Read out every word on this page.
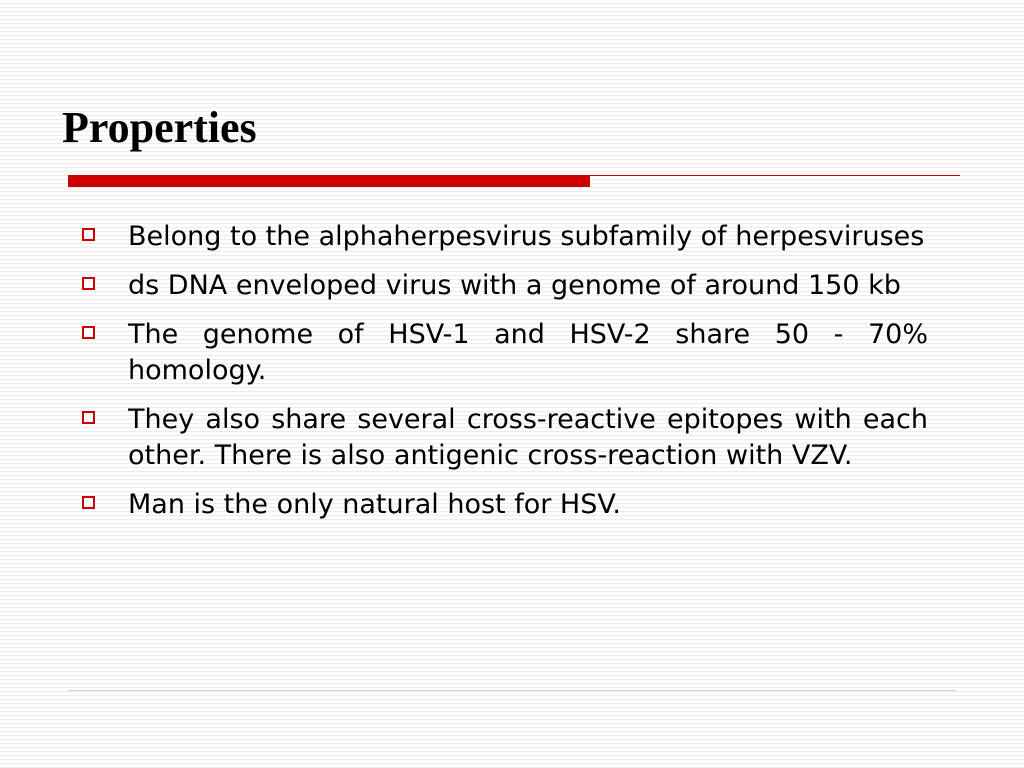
Properties
Belong to the alphaherpesvirus subfamily of herpesviruses
ds DNA enveloped virus with a genome of around 150 kb
The genome of HSV-1 and HSV-2 share 50 - 70% homology.
They also share several cross-reactive epitopes with each other. There is also antigenic cross-reaction with VZV.
Man is the only natural host for HSV.
